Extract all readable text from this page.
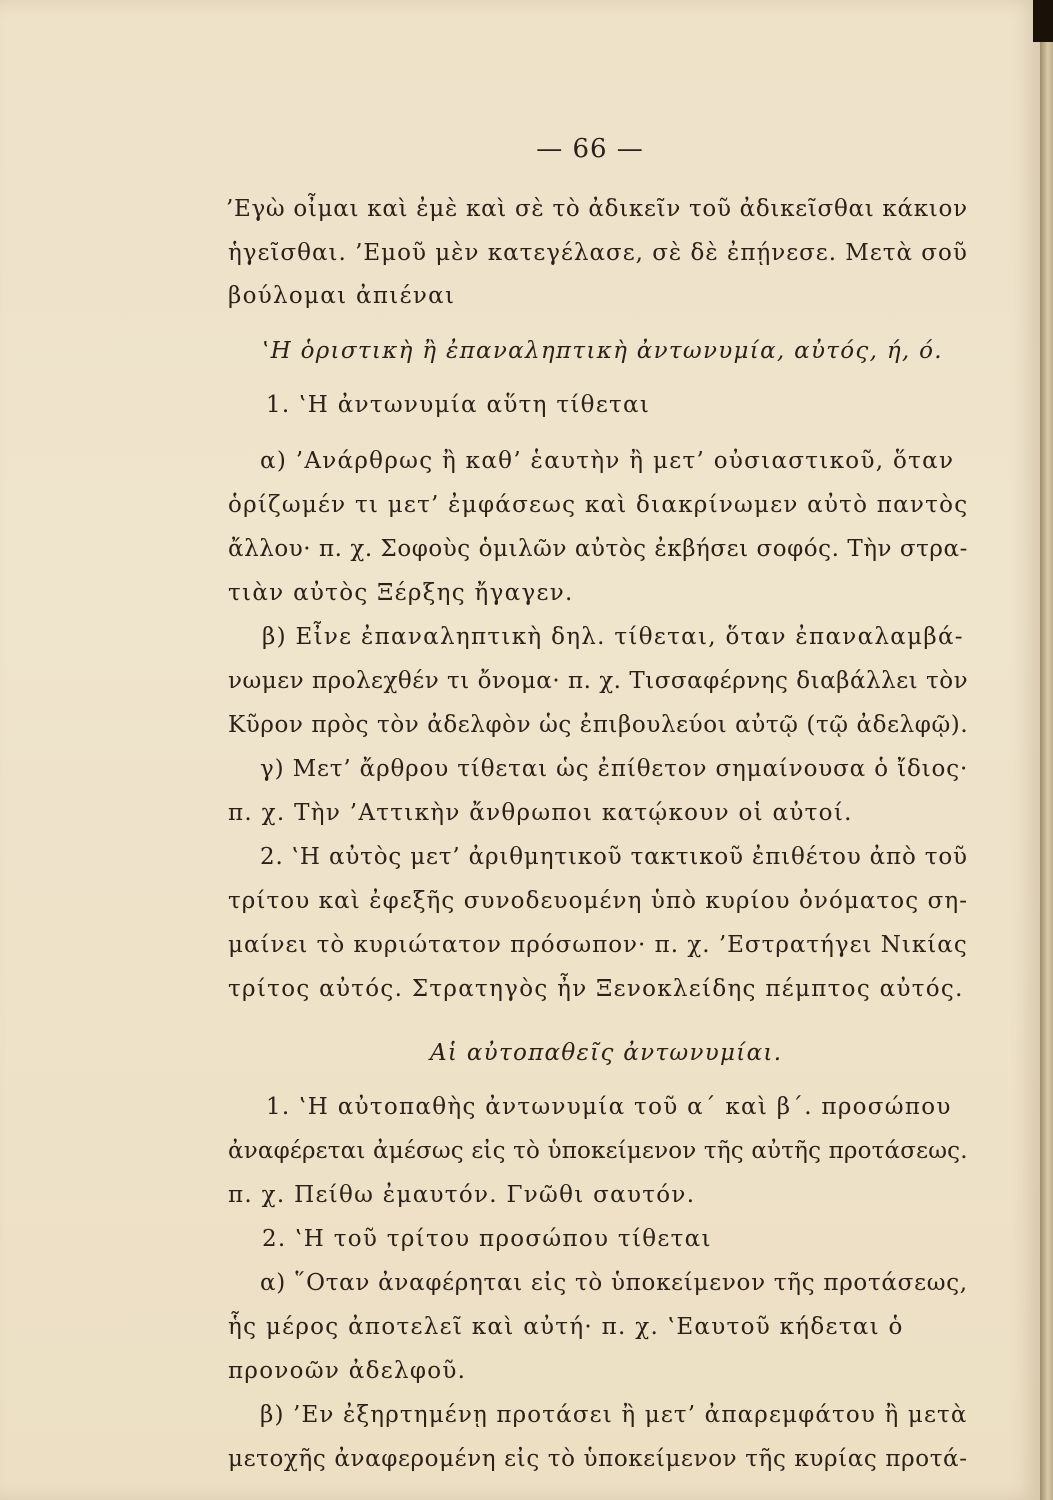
— 66 —
’Εγὼ οἶμαι καὶ ἐμὲ καὶ σὲ τὸ ἀδικεῖν τοῦ ἀδικεῖσθαι κάκιον
ἡγεῖσθαι. ’Εμοῦ μὲν κατεγέλασε, σὲ δὲ ἐπῄνεσε. Μετὰ σοῦ
βούλομαι ἀπιέναι
‛Η ὁριστικὴ ἢ ἐπαναληπτικὴ ἀντωνυμία, αὐτός, ή, ό.
1. ‛Η ἀντωνυμία αὕτη τίθεται
α) ’Ανάρθρως ἢ καθ’ ἑαυτὴν ἢ μετ’ οὐσιαστικοῦ, ὅταν
ὁρίζωμέν τι μετ’ ἐμφάσεως καὶ διακρίνωμεν αὐτὸ παντὸς
ἄλλου· π. χ. Σοφοὺς ὁμιλῶν αὐτὸς ἐκβήσει σοφός. Τὴν στρα-
τιὰν αὐτὸς Ξέρξης ἤγαγεν.
β) Εἶνε ἐπαναληπτικὴ δηλ. τίθεται, ὅταν ἐπαναλαμβά-
νωμεν προλεχθέν τι ὄνομα· π. χ. Τισσαφέρνης διαβάλλει τὸν
Κῦρον πρὸς τὸν ἀδελφὸν ὡς ἐπιβουλεύοι αὐτῷ (τῷ ἀδελφῷ).
γ) Μετ’ ἄρθρου τίθεται ὡς ἐπίθετον σημαίνουσα ὁ ἴδιος·
π. χ. Τὴν ’Αττικὴν ἄνθρωποι κατῴκουν οἱ αὐτοί.
2. ‛Η αὐτὸς μετ’ ἀριθμητικοῦ τακτικοῦ ἐπιθέτου ἀπὸ τοῦ
τρίτου καὶ ἐφεξῆς συνοδευομένη ὑπὸ κυρίου ὀνόματος ση-
μαίνει τὸ κυριώτατον πρόσωπον· π. χ. ’Εστρατήγει Νικίας
τρίτος αὐτός. Στρατηγὸς ἦν Ξενοκλείδης πέμπτος αὐτός.
Αἱ αὐτοπαθεῖς ἀντωνυμίαι.
1. ‛Η αὐτοπαθὴς ἀντωνυμία τοῦ α΄ καὶ β΄. προσώπου
ἀναφέρεται ἀμέσως εἰς τὸ ὑποκείμενον τῆς αὐτῆς προτάσεως.
π. χ. Πείθω ἐμαυτόν. Γνῶθι σαυτόν.
2. ‛Η τοῦ τρίτου προσώπου τίθεται
α) ῞Οταν ἀναφέρηται εἰς τὸ ὑποκείμενον τῆς προτάσεως,
ἧς μέρος ἀποτελεῖ καὶ αὐτή· π. χ. ‛Εαυτοῦ κήδεται ὁ
προνοῶν ἀδελφοῦ.
β) ’Εν ἐξηρτημένῃ προτάσει ἢ μετ’ ἀπαρεμφάτου ἢ μετὰ
μετοχῆς ἀναφερομένη εἰς τὸ ὑποκείμενον τῆς κυρίας προτά-
